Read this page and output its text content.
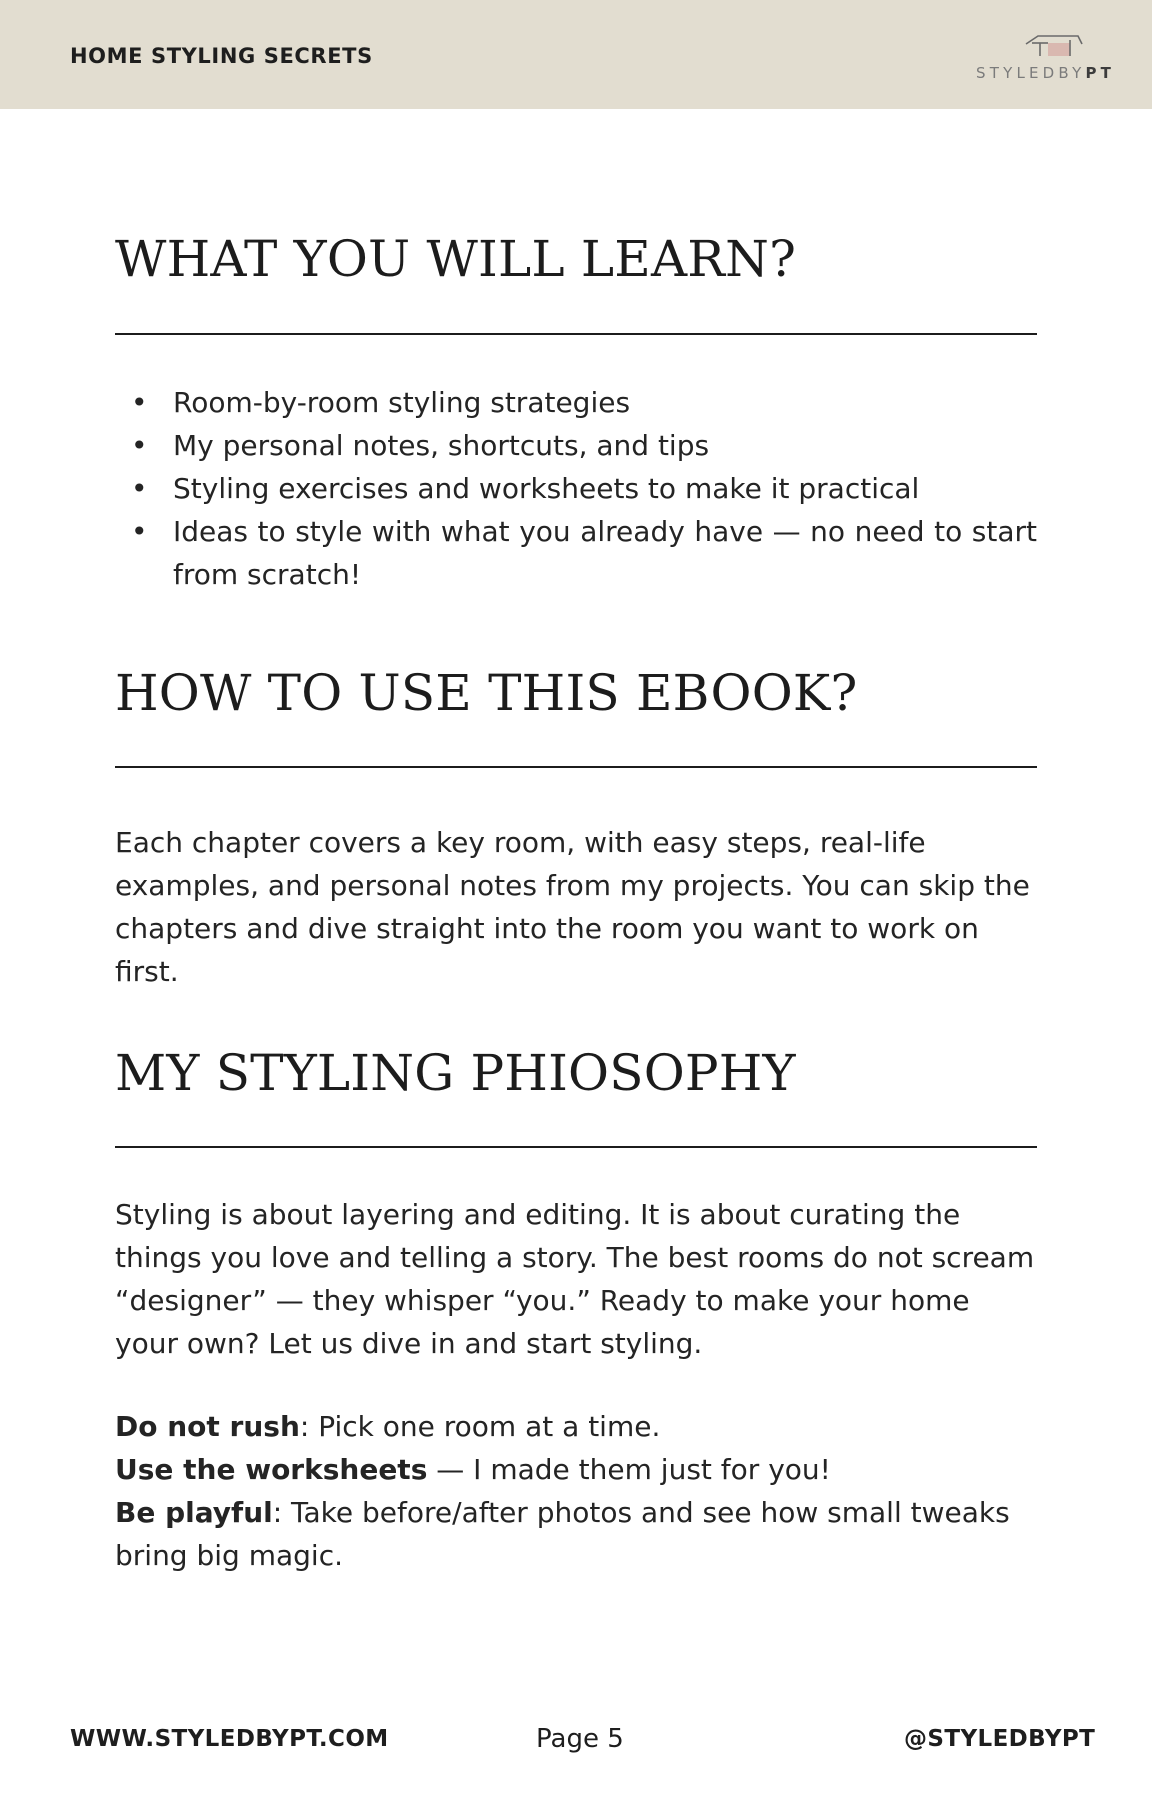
HOME STYLING SECRETS
STYLEDBYPT
WHAT YOU WILL LEARN?
• Room-by-room styling strategies
• My personal notes, shortcuts, and tips
• Styling exercises and worksheets to make it practical
• Ideas to style with what you already have — no need to start from scratch!
HOW TO USE THIS EBOOK?

Each chapter covers a key room, with easy steps, real-life examples, and personal notes from my projects. You can skip the chapters and dive straight into the room you want to work on first.

MY STYLING PHIOSOPHY

Styling is about layering and editing. It is about curating the things you love and telling a story. The best rooms do not scream “designer” — they whisper “you.” Ready to make your home your own? Let us dive in and start styling.

Do not rush: Pick one room at a time.
Use the worksheets — I made them just for you!
Be playful: Take before/after photos and see how small tweaks bring big magic.
WWW.STYLEDBYPT.COM	Page 5	@STYLEDBYPT
